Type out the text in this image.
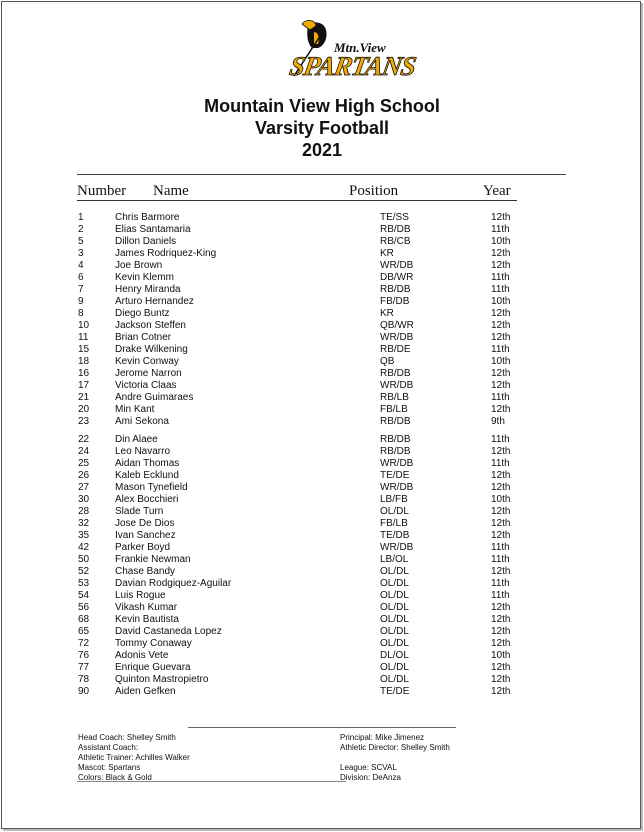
Mtn.View
SPARTANS
Mountain View High School
Varsity Football
2021
Number Name	Position	Year
1	Chris Barmore	TE/SS	12th
2	Elias Santamaria	RB/DB	11th
5	Dillon Daniels	RB/CB	10th
3	James Rodriquez-King	KR	12th
4	Joe Brown	WR/DB	12th
6	Kevin Klemm	DB/WR	11th
7	Henry Miranda	RB/DB	11th
9	Arturo Hernandez	FB/DB	10th
8	Diego Buntz	KR	12th
10	Jackson Steffen	QB/WR	12th
11	Brian Cotner	WR/DB	12th
15	Drake Wilkening	RB/DE	11th
18	Kevin Conway	QB	10th
16	Jerome Narron	RB/DB	12th
17	Victoria Claas	WR/DB	12th
21	Andre Guimaraes	RB/LB	11th
20	Min Kant	FB/LB	12th
23	Ami Sekona	RB/DB	9th
22	Din Alaee	RB/DB	11th
24	Leo Navarro	RB/DB	12th
25	Aidan Thomas	WR/DB	11th
26	Kaleb Ecklund	TE/DE	12th
27	Mason Tynefield	WR/DB	12th
30	Alex Bocchieri	LB/FB	10th
28	Slade Turn	OL/DL	12th
32	Jose De Dios	FB/LB	12th
35	Ivan Sanchez	TE/DB	12th
42	Parker Boyd	WR/DB	11th
50	Frankie Newman	LB/OL	11th
52	Chase Bandy	OL/DL	12th
53	Davian Rodgiquez-Aguilar	OL/DL	11th
54	Luis Rogue	OL/DL	11th
56	Vikash Kumar	OL/DL	12th
68	Kevin Bautista	OL/DL	12th
65	David Castaneda Lopez	OL/DL	12th
72	Tommy Conaway	OL/DL	12th
76	Adonis Vete	DL/OL	10th
77	Enrique Guevara	OL/DL	12th
78	Quinton Mastropietro	OL/DL	12th
90	Aiden Gefken	TE/DE	12th
Head Coach: Shelley Smith
Assistant Coach:
Athletic Trainer: Achilles Walker
Mascot: Spartans
Colors: Black & Gold
Principal: Mike Jimenez
Athletic Director: Shelley Smith
League: SCVAL
Division: DeAnza
